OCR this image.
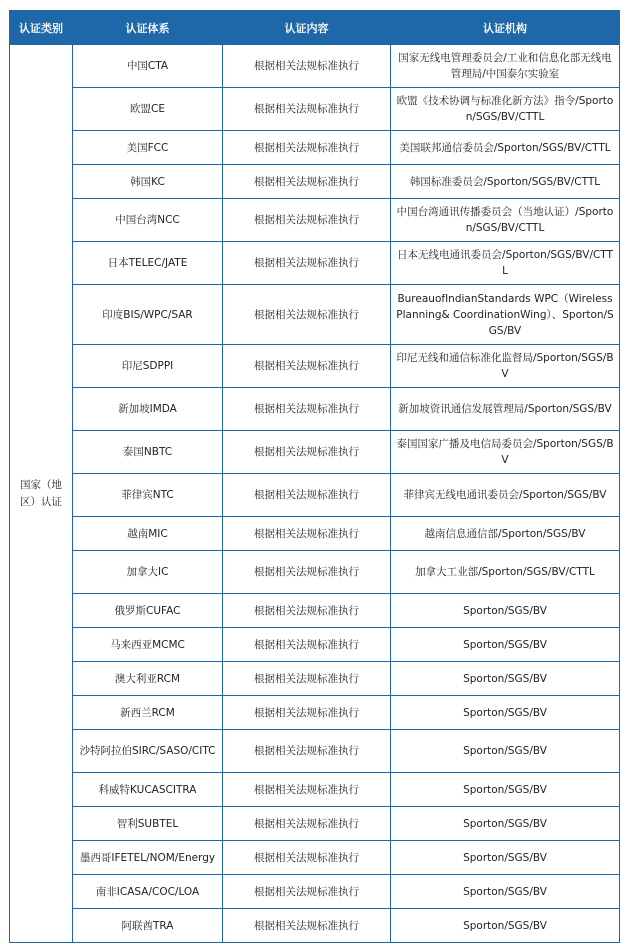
认证类别	认证体系	认证内容	认证机构
国家（地区）认证	中国CTA	根据相关法规标准执行	国家无线电管理委员会/工业和信息化部无线电管理局/中国泰尔实验室
	欧盟CE	根据相关法规标准执行	欧盟《技术协调与标准化新方法》指令/Sporton/SGS/BV/CTTL
	美国FCC	根据相关法规标准执行	美国联邦通信委员会/Sporton/SGS/BV/CTTL
	韩国KC	根据相关法规标准执行	韩国标准委员会/Sporton/SGS/BV/CTTL
	中国台湾NCC	根据相关法规标准执行	中国台湾通讯传播委员会（当地认证）/Sporton/SGS/BV/CTTL
	日本TELEC/JATE	根据相关法规标准执行	日本无线电通讯委员会/Sporton/SGS/BV/CTTL
	印度BIS/WPC/SAR	根据相关法规标准执行	BureauofIndianStandards WPC（WirelessPlanning& CoordinationWing）、Sporton/SGS/BV
	印尼SDPPI	根据相关法规标准执行	印尼无线和通信标准化监督局/Sporton/SGS/BV
	新加坡IMDA	根据相关法规标准执行	新加坡资讯通信发展管理局/Sporton/SGS/BV
	泰国NBTC	根据相关法规标准执行	泰国国家广播及电信局委员会/Sporton/SGS/BV
	菲律宾NTC	根据相关法规标准执行	菲律宾无线电通讯委员会/Sporton/SGS/BV
	越南MIC	根据相关法规标准执行	越南信息通信部/Sporton/SGS/BV
	加拿大IC	根据相关法规标准执行	加拿大工业部/Sporton/SGS/BV/CTTL
	俄罗斯CUFAC	根据相关法规标准执行	Sporton/SGS/BV
	马来西亚MCMC	根据相关法规标准执行	Sporton/SGS/BV
	澳大利亚RCM	根据相关法规标准执行	Sporton/SGS/BV
	新西兰RCM	根据相关法规标准执行	Sporton/SGS/BV
	沙特阿拉伯SIRC/SASO/CITC	根据相关法规标准执行	Sporton/SGS/BV
	科威特KUCASCITRA	根据相关法规标准执行	Sporton/SGS/BV
	智利SUBTEL	根据相关法规标准执行	Sporton/SGS/BV
	墨西哥IFETEL/NOM/Energy	根据相关法规标准执行	Sporton/SGS/BV
	南非ICASA/COC/LOA	根据相关法规标准执行	Sporton/SGS/BV
	阿联酋TRA	根据相关法规标准执行	Sporton/SGS/BV
